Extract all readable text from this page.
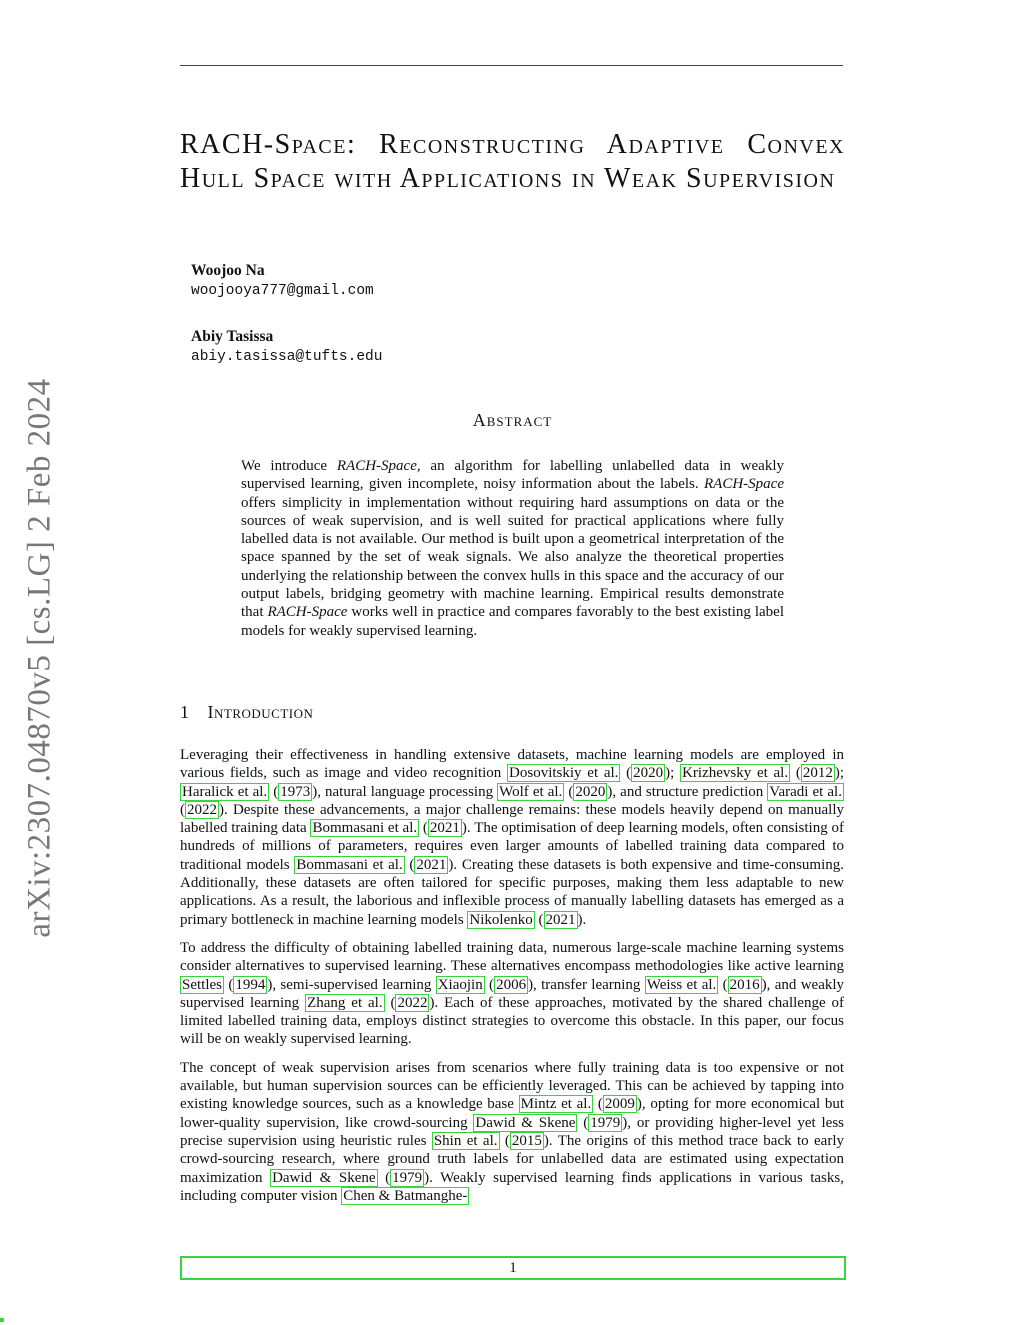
arXiv:2307.04870v5 [cs.LG] 2 Feb 2024
RACH-Space: Reconstructing Adaptive Convex Hull Space with Applications in Weak Supervision
Woojoo Na
woojooya777@gmail.com
Abiy Tasissa
abiy.tasissa@tufts.edu
Abstract
We introduce RACH-Space, an algorithm for labelling unlabelled data in weakly supervised learning, given incomplete, noisy information about the labels. RACH-Space offers simplicity in implementation without requiring hard assumptions on data or the sources of weak supervision, and is well suited for practical applications where fully labelled data is not available. Our method is built upon a geometrical interpretation of the space spanned by the set of weak signals. We also analyze the theoretical properties underlying the relationship between the convex hulls in this space and the accuracy of our output labels, bridging geometry with machine learning. Empirical results demonstrate that RACH-Space works well in practice and compares favorably to the best existing label models for weakly supervised learning.
1 Introduction

Leveraging their effectiveness in handling extensive datasets, machine learning models are employed in various fields, such as image and video recognition Dosovitskiy et al. ( 2020 ); Krizhevsky et al. ( 2012 ); Haralick et al. ( 1973 ), natural language processing Wolf et al. ( 2020 ), and structure prediction Varadi et al. ( 2022 ). Despite these advancements, a major challenge remains: these models heavily depend on manually labelled training data Bommasani et al. ( 2021 ). The optimisation of deep learning models, often consisting of hundreds of millions of parameters, requires even larger amounts of labelled training data compared to traditional models Bommasani et al. ( 2021 ). Creating these datasets is both expensive and time-consuming. Additionally, these datasets are often tailored for specific purposes, making them less adaptable to new applications. As a result, the laborious and inflexible process of manually labelling datasets has emerged as a primary bottleneck in machine learning models Nikolenko ( 2021 ).

To address the difficulty of obtaining labelled training data, numerous large-scale machine learning systems consider alternatives to supervised learning. These alternatives encompass methodologies like active learning Settles ( 1994 ), semi-supervised learning Xiaojin ( 2006 ), transfer learning Weiss et al. ( 2016 ), and weakly supervised learning Zhang et al. ( 2022 ). Each of these approaches, motivated by the shared challenge of limited labelled training data, employs distinct strategies to overcome this obstacle. In this paper, our focus will be on weakly supervised learning.

The concept of weak supervision arises from scenarios where fully training data is too expensive or not available, but human supervision sources can be efficiently leveraged. This can be achieved by tapping into existing knowledge sources, such as a knowledge base Mintz et al. ( 2009 ), opting for more economical but lower-quality supervision, like crowd-sourcing Dawid & Skene ( 1979 ), or providing higher-level yet less precise supervision using heuristic rules Shin et al. ( 2015 ). The origins of this method trace back to early crowd-sourcing research, where ground truth labels for unlabelled data are estimated using expectation maximization Dawid & Skene ( 1979 ). Weakly supervised learning finds applications in various tasks, including computer vision Chen & Batmanghe-

1
